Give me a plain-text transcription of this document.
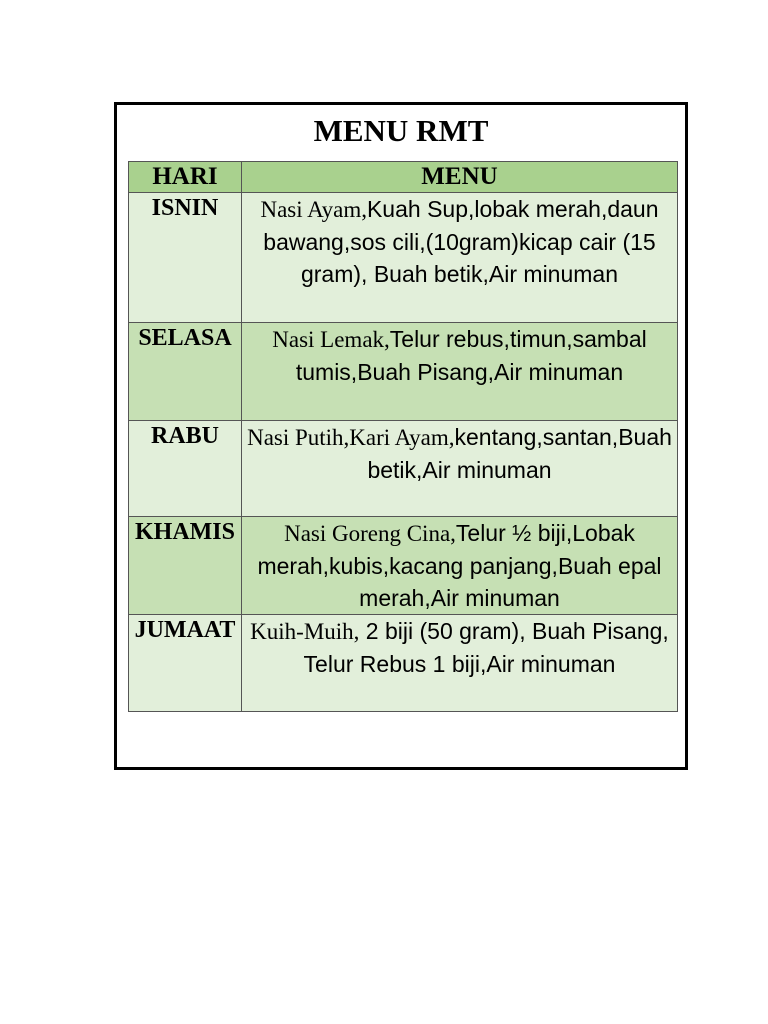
MENU RMT
HARI	MENU
ISNIN	Nasi Ayam,Kuah Sup,lobak merah,daun bawang,sos cili,(10gram)kicap cair (15 gram), Buah betik,Air minuman
SELASA	Nasi Lemak,Telur rebus,timun,sambal tumis,Buah Pisang,Air minuman
RABU	Nasi Putih,Kari Ayam,kentang,santan,Buah betik,Air minuman
KHAMIS	Nasi Goreng Cina,Telur ½ biji,Lobak merah,kubis,kacang panjang,Buah epal merah,Air minuman
JUMAAT	Kuih-Muih, 2 biji (50 gram), Buah Pisang, Telur Rebus 1 biji,Air minuman
